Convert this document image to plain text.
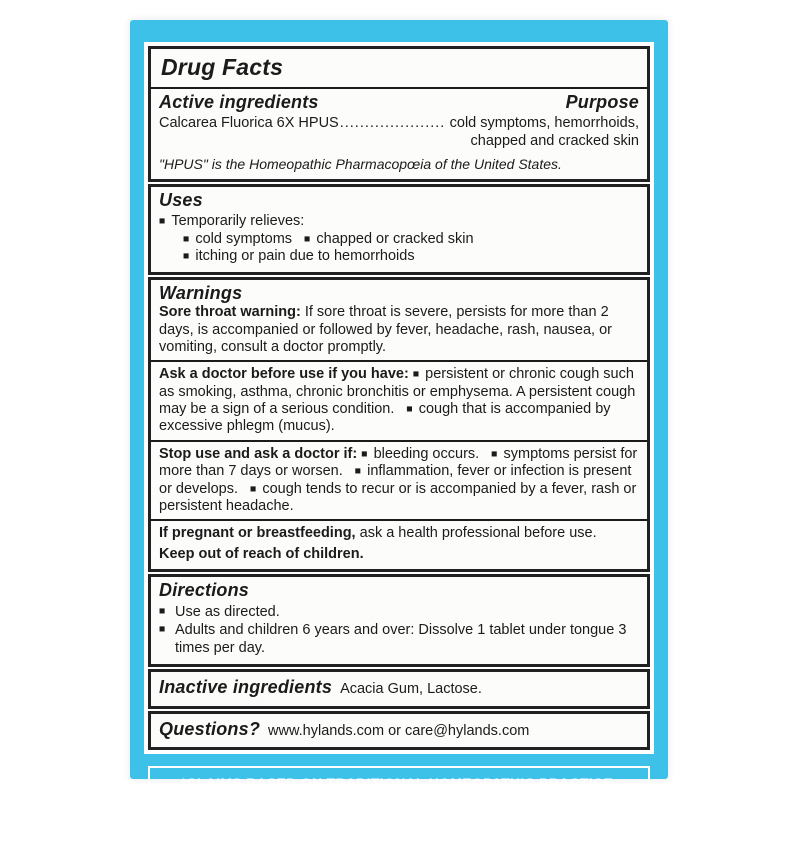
Drug Facts
Active ingredients	Purpose
Calcarea Fluorica 6X HPUS .....	cold symptoms, hemorrhoids,
chapped and cracked skin
"HPUS" is the Homeopathic Pharmacopœia of the United States.
Uses
■ Temporarily relieves:
■ cold symptoms ■ chapped or cracked skin
■ itching or pain due to hemorrhoids
Warnings

Sore throat warning: If sore throat is severe, persists for more than 2 days, is accompanied or followed by fever, headache, rash, nausea, or vomiting, consult a doctor promptly.

Ask a doctor before use if you have: ■ persistent or chronic cough such as smoking, asthma, chronic bronchitis or emphysema. A persistent cough may be a sign of a serious condition. ■ cough that is accompanied by excessive phlegm (mucus).

Stop use and ask a doctor if: ■ bleeding occurs. ■ symptoms persist for more than 7 days or worsen. ■ inflammation, fever or infection is present or develops. ■ cough tends to recur or is accompanied by a fever, rash or persistent headache.

If pregnant or breastfeeding, ask a health professional before use.

Keep out of reach of children.

Directions
■ Use as directed.
■ Adults and children 6 years and over: Dissolve 1 tablet under tongue 3 times per day.
Inactive ingredients Acacia Gum, Lactose.
Questions? www.hylands.com or care@hylands.com
*CLAIMS BASED ON TRADITIONAL HOMEOPATHIC PRACTICE,
NOT ACCEPTED MEDICAL EVIDENCE. NOT FDA EVALUATED.
DO NOT USE IF TAMPER-EVIDENT SEAL IS BROKEN OR MISSING.
